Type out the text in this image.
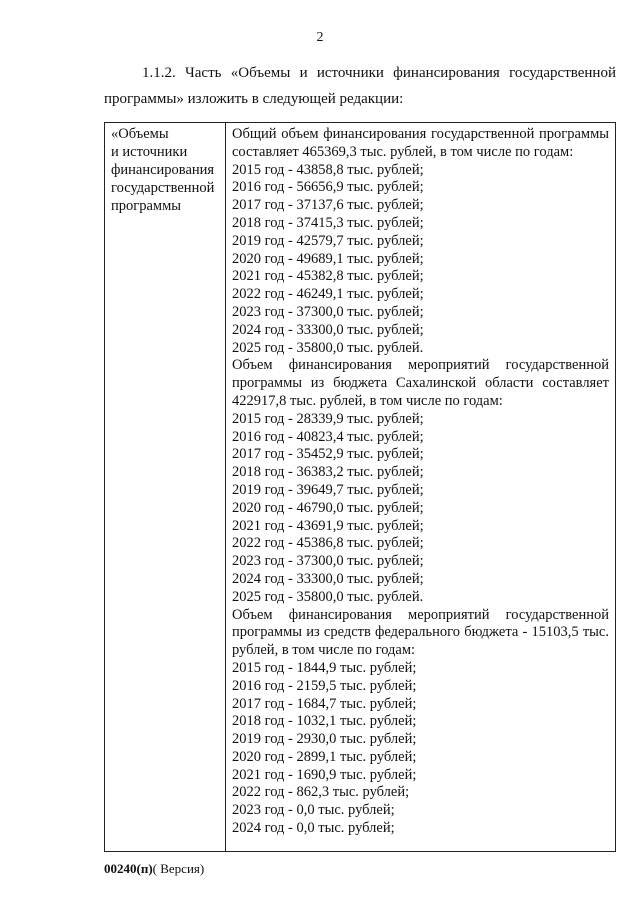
2
1.1.2. Часть «Объемы и источники финансирования государственной
программы» изложить в следующей редакции:
«Объемы
и источники
финансирования
государственной
программы
Общий объем финансирования государственной программы составляет 465369,3 тыс. рублей, в том числе по годам:
2015 год - 43858,8 тыс. рублей;
2016 год - 56656,9 тыс. рублей;
2017 год - 37137,6 тыс. рублей;
2018 год - 37415,3 тыс. рублей;
2019 год - 42579,7 тыс. рублей;
2020 год - 49689,1 тыс. рублей;
2021 год - 45382,8 тыс. рублей;
2022 год - 46249,1 тыс. рублей;
2023 год - 37300,0 тыс. рублей;
2024 год - 33300,0 тыс. рублей;
2025 год - 35800,0 тыс. рублей.
Объем финансирования мероприятий государственной программы из бюджета Сахалинской области составляет 422917,8 тыс. рублей, в том числе по годам:
2015 год - 28339,9 тыс. рублей;
2016 год - 40823,4 тыс. рублей;
2017 год - 35452,9 тыс. рублей;
2018 год - 36383,2 тыс. рублей;
2019 год - 39649,7 тыс. рублей;
2020 год - 46790,0 тыс. рублей;
2021 год - 43691,9 тыс. рублей;
2022 год - 45386,8 тыс. рублей;
2023 год - 37300,0 тыс. рублей;
2024 год - 33300,0 тыс. рублей;
2025 год - 35800,0 тыс. рублей.
Объем финансирования мероприятий государственной программы из средств федерального бюджета - 15103,5 тыс. рублей, в том числе по годам:
2015 год - 1844,9 тыс. рублей;
2016 год - 2159,5 тыс. рублей;
2017 год - 1684,7 тыс. рублей;
2018 год - 1032,1 тыс. рублей;
2019 год - 2930,0 тыс. рублей;
2020 год - 2899,1 тыс. рублей;
2021 год - 1690,9 тыс. рублей;
2022 год - 862,3 тыс. рублей;
2023 год - 0,0 тыс. рублей;
2024 год - 0,0 тыс. рублей;
00240(п)( Версия)
